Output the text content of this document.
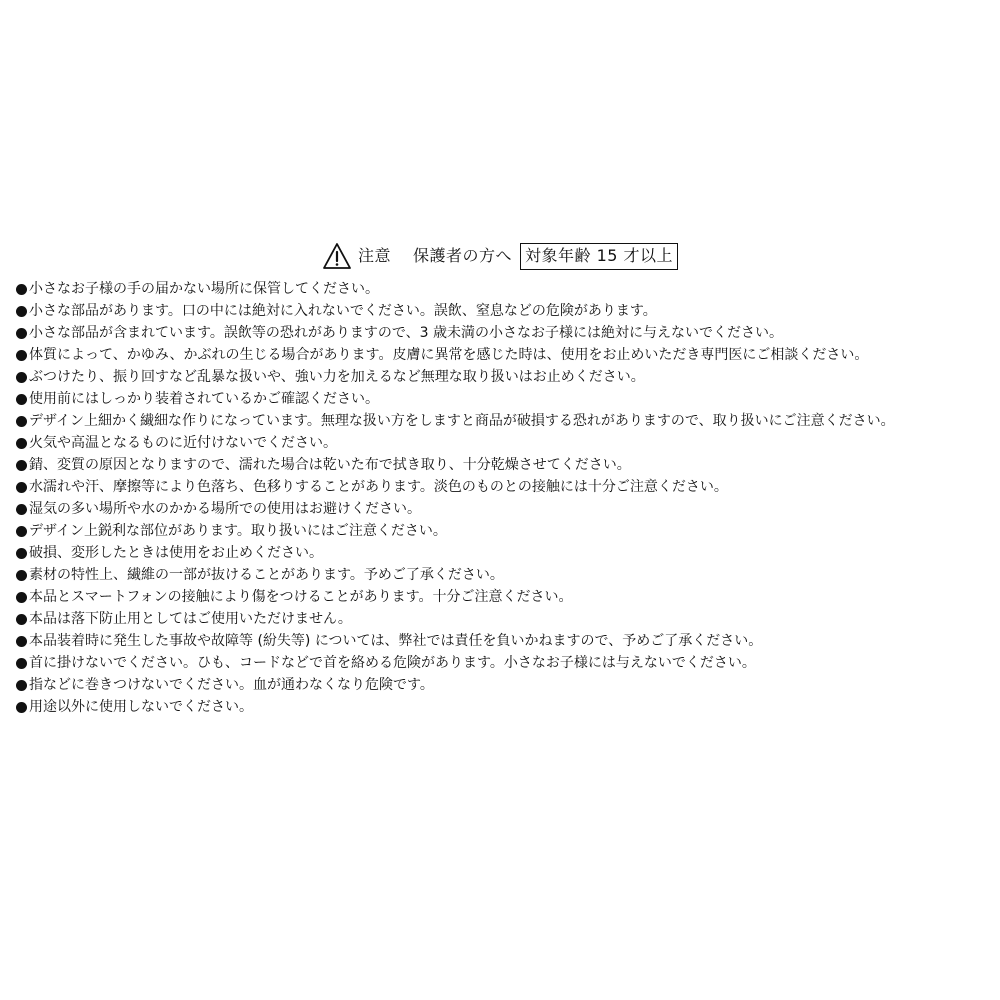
注意 保護者の方へ 対象年齢 15 才以上
小さなお子様の手の届かない場所に保管してください。
小さな部品があります。口の中には絶対に入れないでください。誤飲、窒息などの危険があります。
小さな部品が含まれています。誤飲等の恐れがありますので、3 歳未満の小さなお子様には絶対に与えないでください。
体質によって、かゆみ、かぶれの生じる場合があります。皮膚に異常を感じた時は、使用をお止めいただき専門医にご相談ください。
ぶつけたり、振り回すなど乱暴な扱いや、強い力を加えるなど無理な取り扱いはお止めください。
使用前にはしっかり装着されているかご確認ください。
デザイン上細かく繊細な作りになっています。無理な扱い方をしますと商品が破損する恐れがありますので、取り扱いにご注意ください。
火気や高温となるものに近付けないでください。
錆、変質の原因となりますので、濡れた場合は乾いた布で拭き取り、十分乾燥させてください。
水濡れや汗、摩擦等により色落ち、色移りすることがあります。淡色のものとの接触には十分ご注意ください。
湿気の多い場所や水のかかる場所での使用はお避けください。
デザイン上鋭利な部位があります。取り扱いにはご注意ください。
破損、変形したときは使用をお止めください。
素材の特性上、繊維の一部が抜けることがあります。予めご了承ください。
本品とスマートフォンの接触により傷をつけることがあります。十分ご注意ください。
本品は落下防止用としてはご使用いただけません。
本品装着時に発生した事故や故障等 (紛失等) については、弊社では責任を負いかねますので、予めご了承ください。
首に掛けないでください。ひも、コードなどで首を絡める危険があります。小さなお子様には与えないでください。
指などに巻きつけないでください。血が通わなくなり危険です。
用途以外に使用しないでください。
